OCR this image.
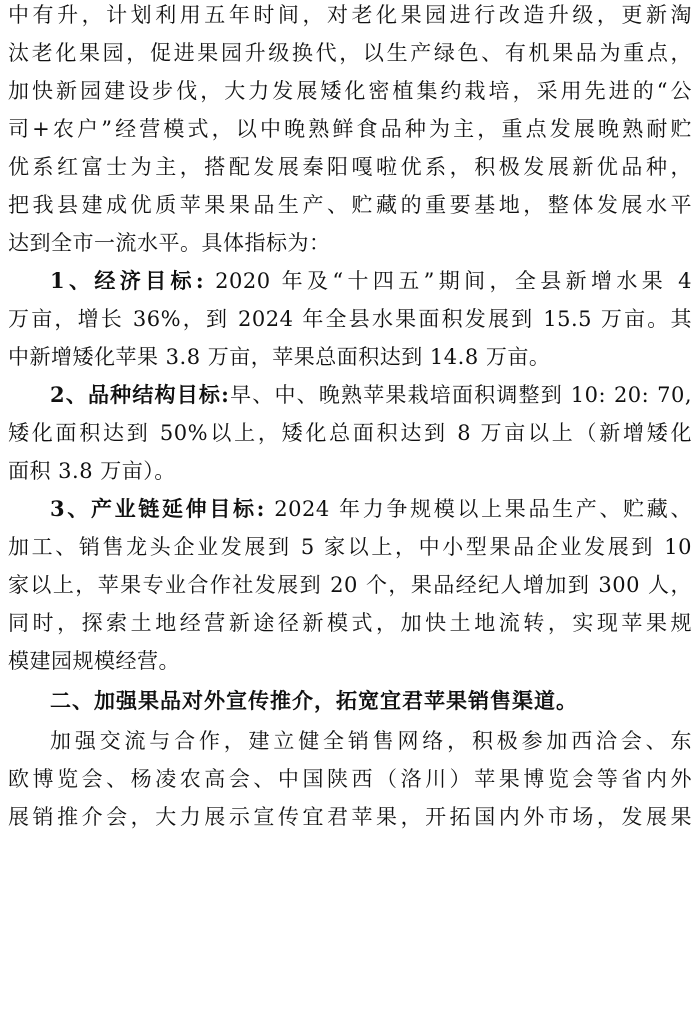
中有升，计划利用五年时间，对老化果园进行改造升级，更新淘
汰老化果园，促进果园升级换代，以生产绿色、有机果品为重点，
加快新园建设步伐，大力发展矮化密植集约栽培，采用先进的“公
司+农户”经营模式，以中晚熟鲜食品种为主，重点发展晚熟耐贮
优系红富士为主，搭配发展秦阳嘎啦优系，积极发展新优品种，
把我县建成优质苹果果品生产、贮藏的重要基地，整体发展水平
达到全市一流水平。具体指标为：
1、经济目标: 2020 年及“十四五”期间，全县新增水果 4
万亩，增长 36%，到 2024 年全县水果面积发展到 15.5 万亩。其
中新增矮化苹果 3.8 万亩，苹果总面积达到 14.8 万亩。
2、品种结构目标:早、中、晚熟苹果栽培面积调整到 10: 20: 70,
矮化面积达到 50%以上，矮化总面积达到 8 万亩以上（新增矮化
面积 3.8 万亩）。
3、产业链延伸目标: 2024 年力争规模以上果品生产、贮藏、
加工、销售龙头企业发展到 5 家以上，中小型果品企业发展到 10
家以上，苹果专业合作社发展到 20 个，果品经纪人增加到 300 人，
同时，探索土地经营新途径新模式，加快土地流转，实现苹果规
模建园规模经营。
二、加强果品对外宣传推介，拓宽宜君苹果销售渠道。
加强交流与合作，建立健全销售网络，积极参加西洽会、东
欧博览会、杨凌农高会、中国陕西（洛川）苹果博览会等省内外
展销推介会，大力展示宣传宜君苹果，开拓国内外市场，发展果
